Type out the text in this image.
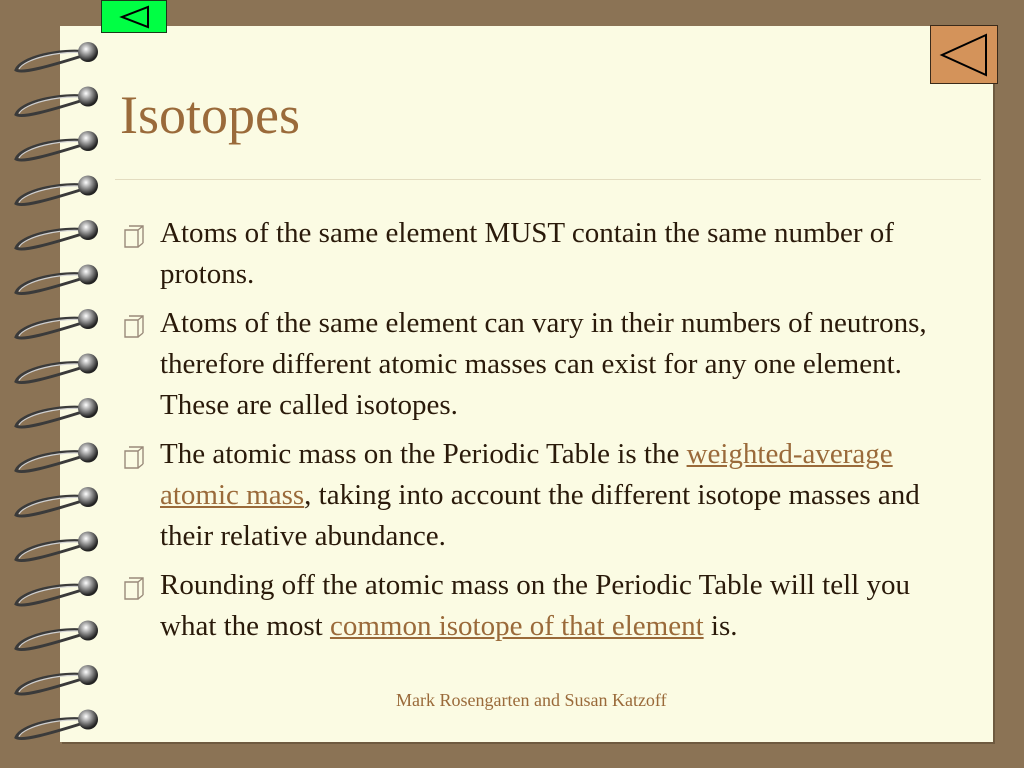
Isotopes
Atoms of the same element MUST contain the same number of protons.
Atoms of the same element can vary in their numbers of neutrons, therefore different atomic masses can exist for any one element. These are called isotopes.
The atomic mass on the Periodic Table is the weighted-average atomic mass, taking into account the different isotope masses and their relative abundance.
Rounding off the atomic mass on the Periodic Table will tell you what the most common isotope of that element is.
Mark Rosengarten and Susan Katzoff
